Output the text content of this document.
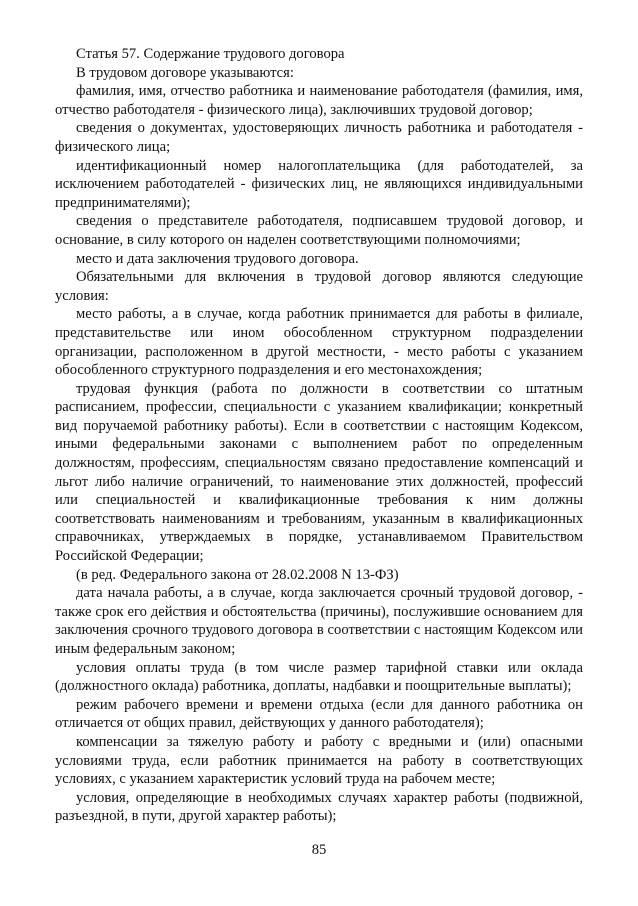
Статья 57. Содержание трудового договора

В трудовом договоре указываются:

фамилия, имя, отчество работника и наименование работодателя (фамилия, имя, отчество работодателя - физического лица), заключивших трудовой договор;

сведения о документах, удостоверяющих личность работника и работодателя - физического лица;

идентификационный номер налогоплательщика (для работодателей, за исключением работодателей - физических лиц, не являющихся индивидуальными предпринимателями);

сведения о представителе работодателя, подписавшем трудовой договор, и основание, в силу которого он наделен соответствующими полномочиями;

место и дата заключения трудового договора.

Обязательными для включения в трудовой договор являются следующие условия:

место работы, а в случае, когда работник принимается для работы в филиале, представительстве или ином обособленном структурном подразделении организации, расположенном в другой местности, - место работы с указанием обособленного структурного подразделения и его местонахождения;

трудовая функция (работа по должности в соответствии со штатным расписанием, профессии, специальности с указанием квалификации; конкретный вид поручаемой работнику работы). Если в соответствии с настоящим Кодексом, иными федеральными законами с выполнением работ по определенным должностям, профессиям, специальностям связано предоставление компенсаций и льгот либо наличие ограничений, то наименование этих должностей, профессий или специальностей и квалификационные требования к ним должны соответствовать наименованиям и требованиям, указанным в квалификационных справочниках, утверждаемых в порядке, устанавливаемом Правительством Российской Федерации;

(в ред. Федерального закона от 28.02.2008 N 13-ФЗ)

дата начала работы, а в случае, когда заключается срочный трудовой договор, - также срок его действия и обстоятельства (причины), послужившие основанием для заключения срочного трудового договора в соответствии с настоящим Кодексом или иным федеральным законом;

условия оплаты труда (в том числе размер тарифной ставки или оклада (должностного оклада) работника, доплаты, надбавки и поощрительные выплаты);

режим рабочего времени и времени отдыха (если для данного работника он отличается от общих правил, действующих у данного работодателя);

компенсации за тяжелую работу и работу с вредными и (или) опасными условиями труда, если работник принимается на работу в соответствующих условиях, с указанием характеристик условий труда на рабочем месте;

условия, определяющие в необходимых случаях характер работы (подвижной, разъездной, в пути, другой характер работы);

85
